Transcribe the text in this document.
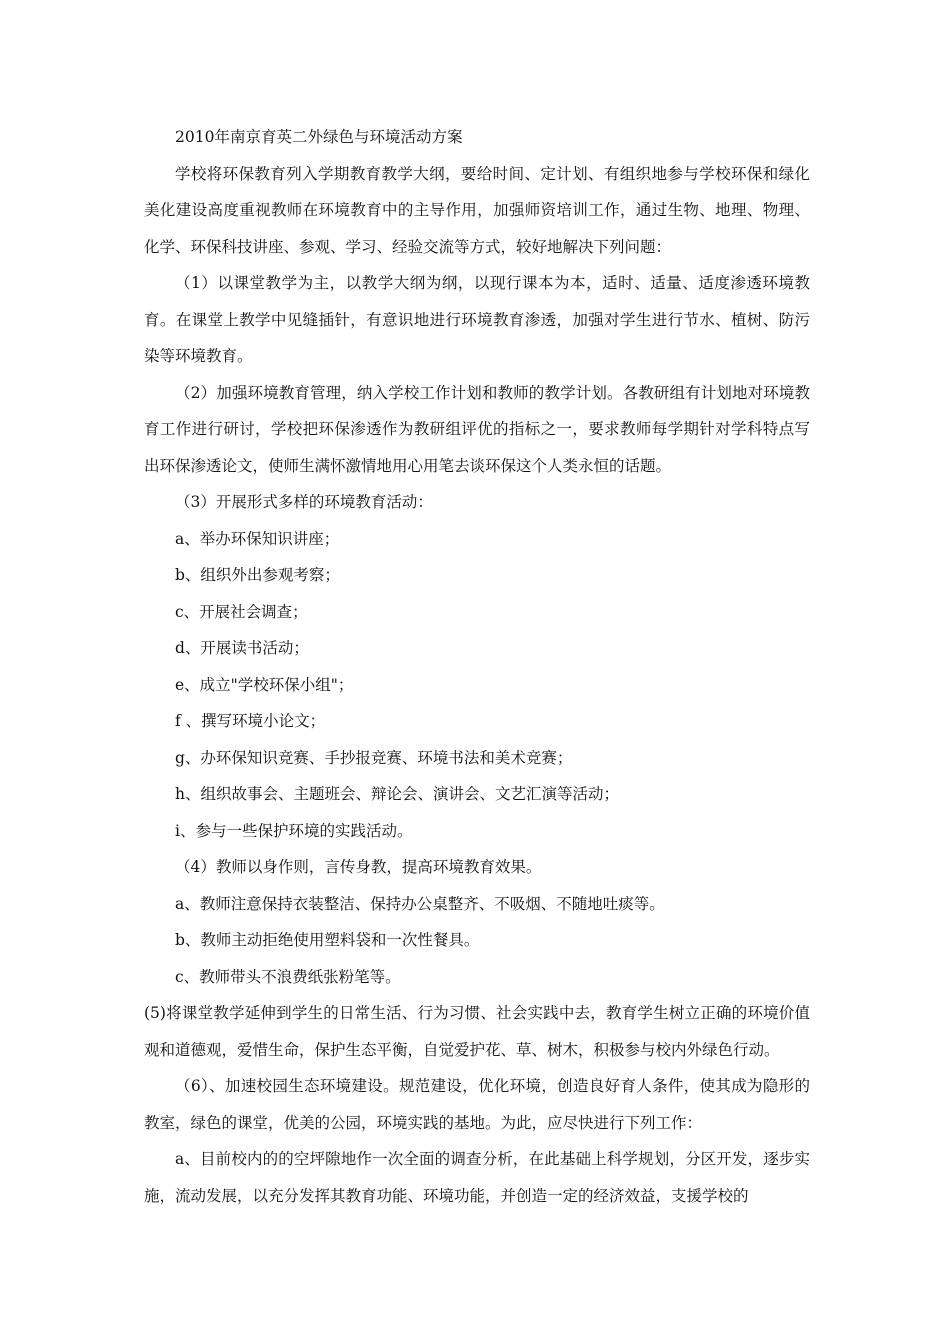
2010年南京育英二外绿色与环境活动方案

学校将环保教育列入学期教育教学大纲，要给时间、定计划、有组织地参与学校环保和绿化美化建设高度重视教师在环境教育中的主导作用，加强师资培训工作，通过生物、地理、物理、化学、环保科技讲座、参观、学习、经验交流等方式，较好地解决下列问题：

（1）以课堂教学为主，以教学大纲为纲，以现行课本为本，适时、适量、适度渗透环境教育。在课堂上教学中见缝插针，有意识地进行环境教育渗透，加强对学生进行节水、植树、防污染等环境教育。

（2）加强环境教育管理，纳入学校工作计划和教师的教学计划。各教研组有计划地对环境教育工作进行研讨，学校把环保渗透作为教研组评优的指标之一，要求教师每学期针对学科特点写出环保渗透论文，使师生满怀激情地用心用笔去谈环保这个人类永恒的话题。

（3）开展形式多样的环境教育活动：

a、举办环保知识讲座；

b、组织外出参观考察；

c、开展社会调查；

d、开展读书活动；

e、成立"学校环保小组"；

f 、撰写环境小论文；

g、办环保知识竞赛、手抄报竞赛、环境书法和美术竞赛；

h、组织故事会、主题班会、辩论会、演讲会、文艺汇演等活动；

i、参与一些保护环境的实践活动。

（4）教师以身作则，言传身教，提高环境教育效果。

a、教师注意保持衣装整洁、保持办公桌整齐、不吸烟、不随地吐痰等。

b、教师主动拒绝使用塑料袋和一次性餐具。

c、教师带头不浪费纸张粉笔等。

(5)将课堂教学延伸到学生的日常生活、行为习惯、社会实践中去，教育学生树立正确的环境价值观和道德观，爱惜生命，保护生态平衡，自觉爱护花、草、树木，积极参与校内外绿色行动。

（6）、加速校园生态环境建设。规范建设，优化环境，创造良好育人条件，使其成为隐形的教室，绿色的课堂，优美的公园，环境实践的基地。为此，应尽快进行下列工作：

a、目前校内的的空坪隙地作一次全面的调查分析，在此基础上科学规划，分区开发，逐步实施，流动发展，以充分发挥其教育功能、环境功能，并创造一定的经济效益，支援学校的
